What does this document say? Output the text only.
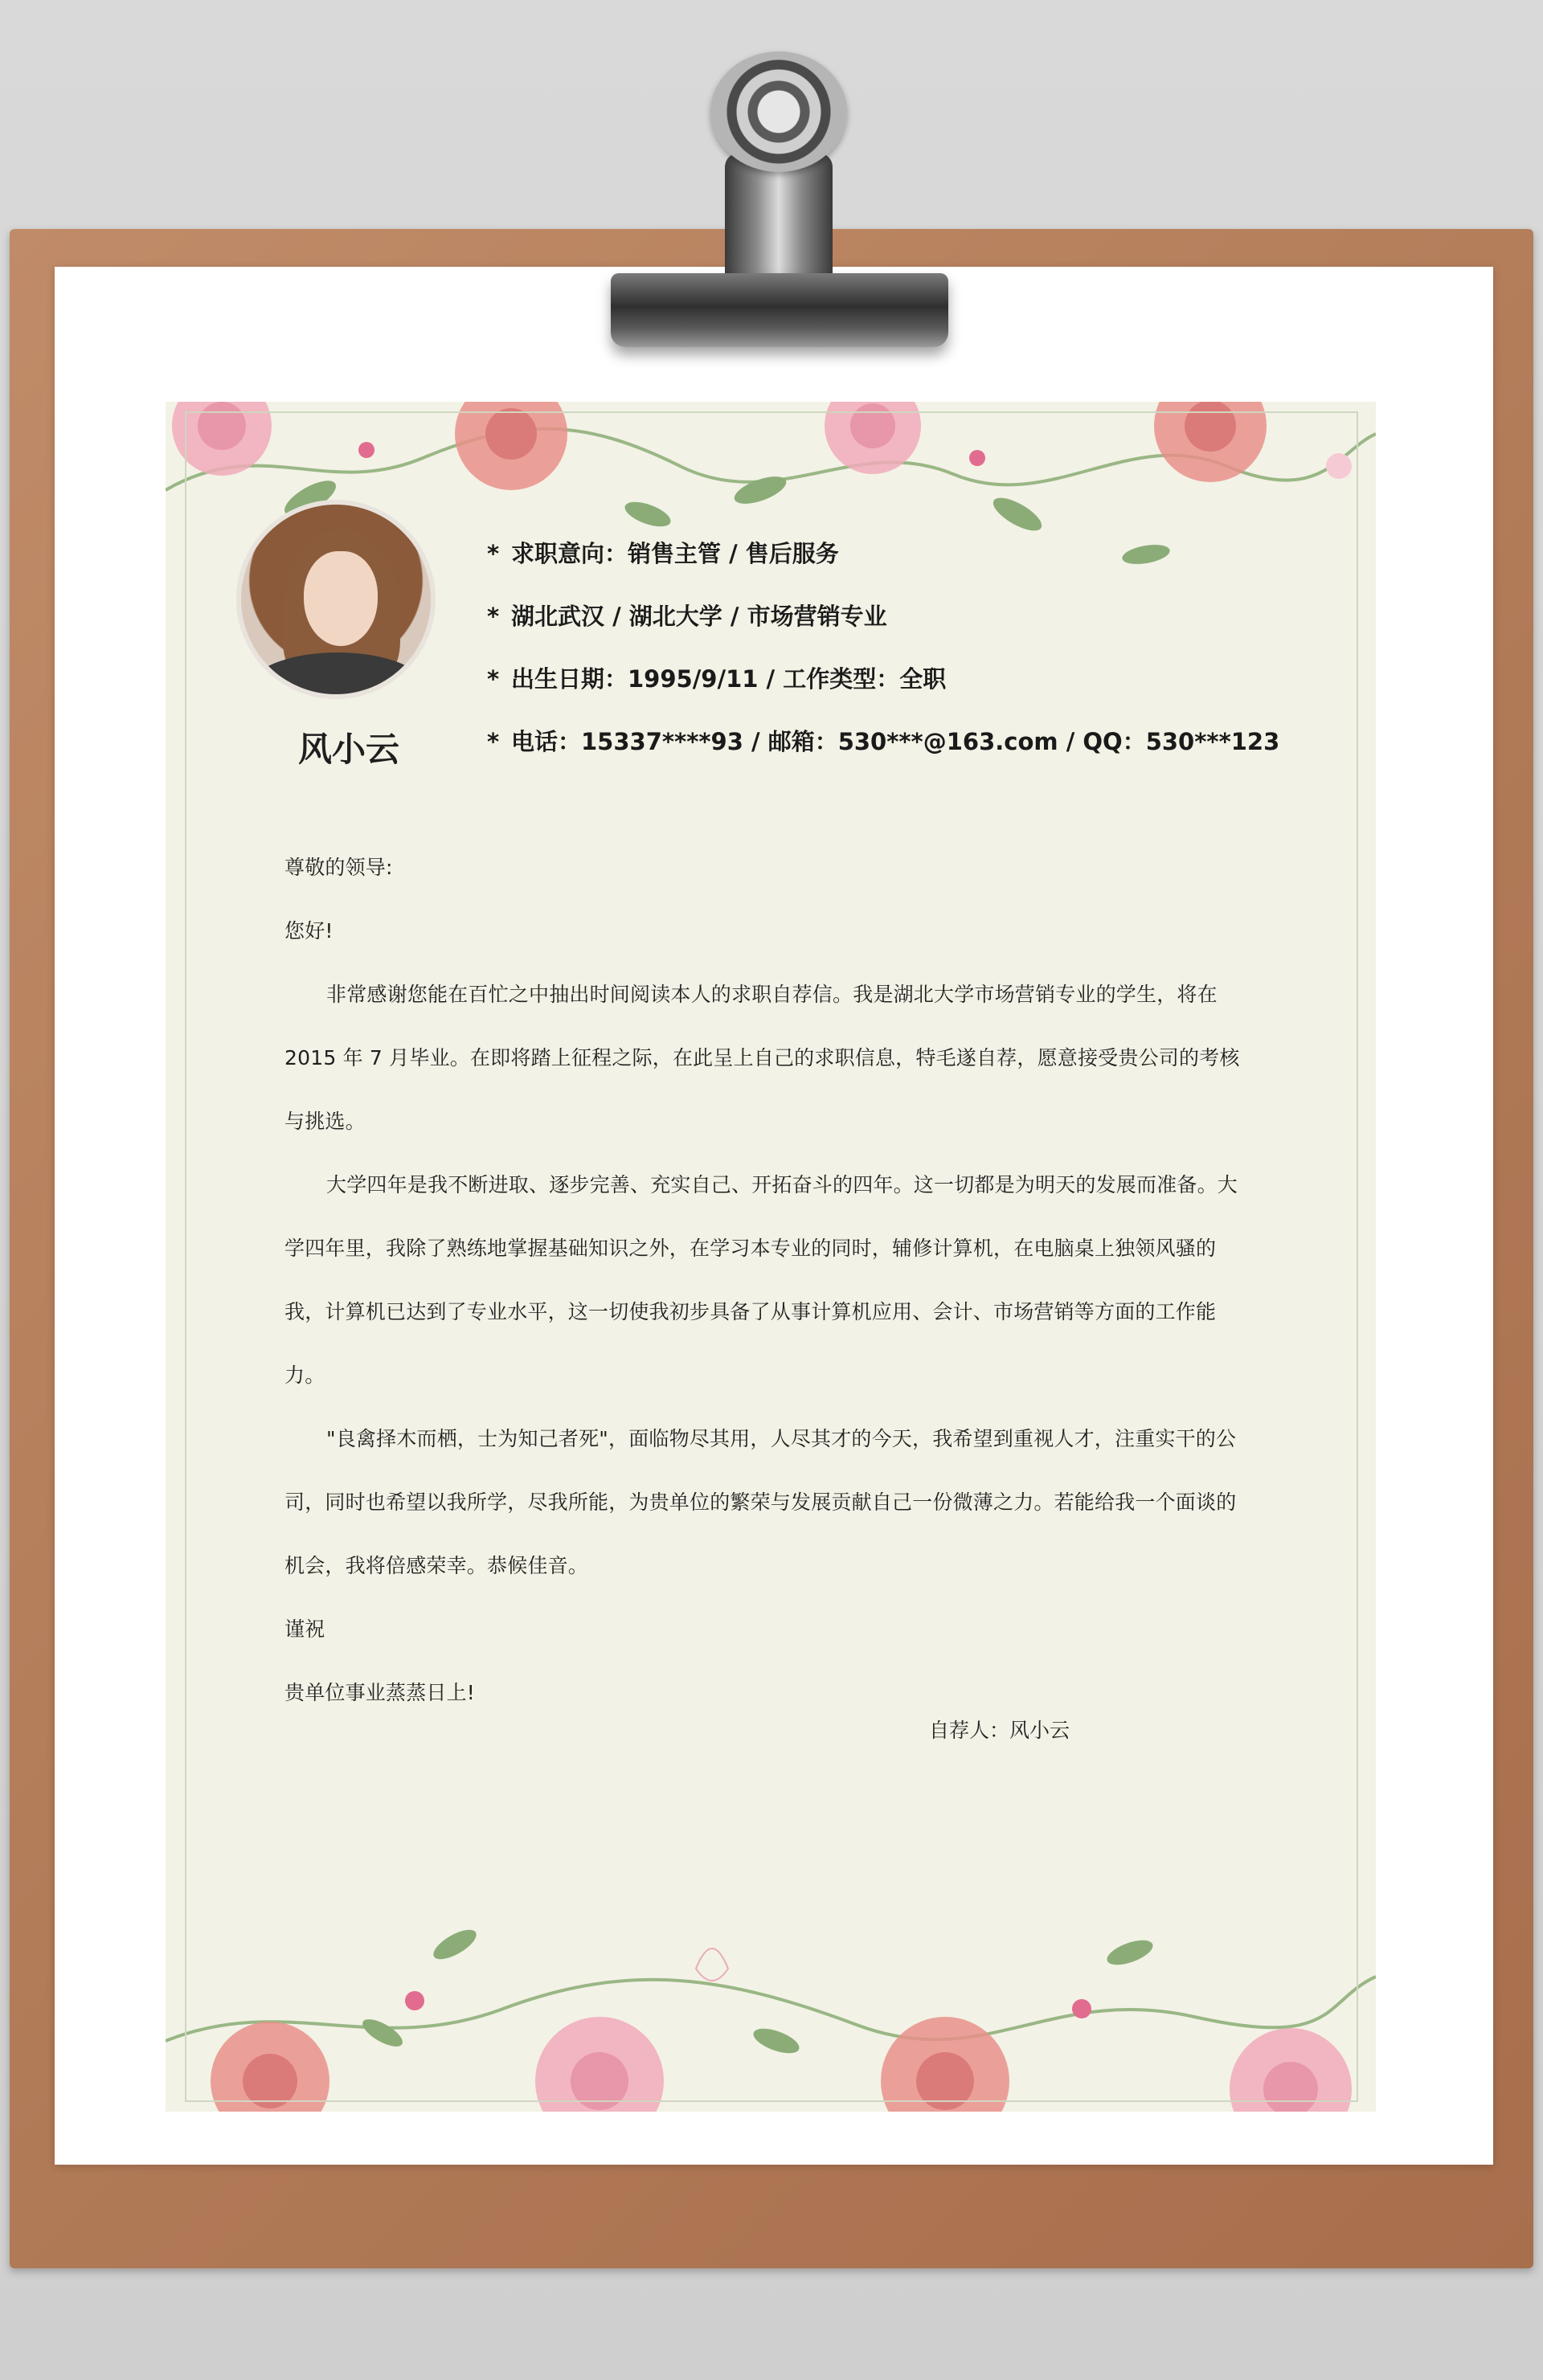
风小云
* 求职意向：销售主管 / 售后服务
* 湖北武汉 / 湖北大学 / 市场营销专业
* 出生日期：1995/9/11 / 工作类型：全职
* 电话：15337****93 / 邮箱：530***@163.com / QQ：530***123
尊敬的领导:
您好!
非常感谢您能在百忙之中抽出时间阅读本人的求职自荐信。我是湖北大学市场营销专业的学生，将在 2015 年 7 月毕业。在即将踏上征程之际，在此呈上自己的求职信息，特毛遂自荐，愿意接受贵公司的考核与挑选。
大学四年是我不断进取、逐步完善、充实自己、开拓奋斗的四年。这一切都是为明天的发展而准备。大学四年里，我除了熟练地掌握基础知识之外，在学习本专业的同时，辅修计算机，在电脑桌上独领风骚的我，计算机已达到了专业水平，这一切使我初步具备了从事计算机应用、会计、市场营销等方面的工作能力。
"良禽择木而栖，士为知己者死"，面临物尽其用，人尽其才的今天，我希望到重视人才，注重实干的公司，同时也希望以我所学，尽我所能，为贵单位的繁荣与发展贡献自己一份微薄之力。若能给我一个面谈的机会，我将倍感荣幸。恭候佳音。
谨祝
贵单位事业蒸蒸日上!
自荐人：风小云
